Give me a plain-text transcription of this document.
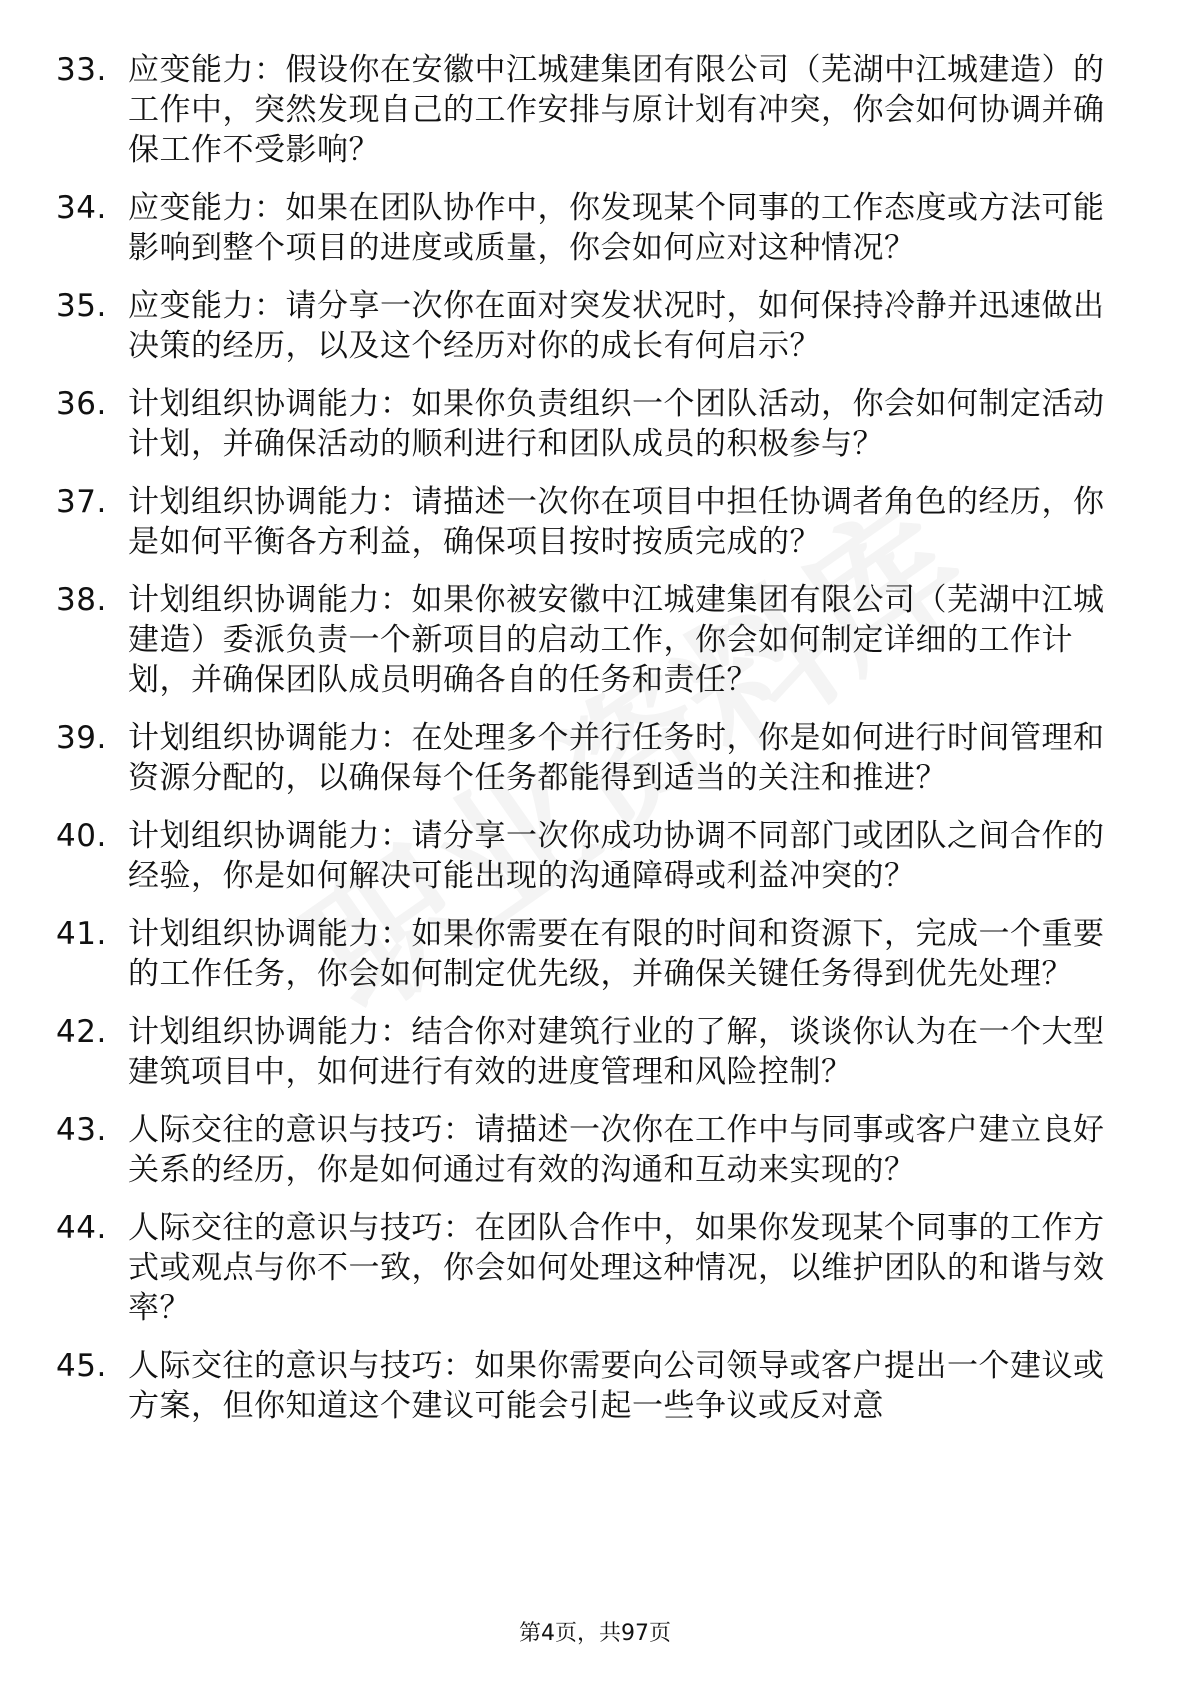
33. 应变能力：假设你在安徽中江城建集团有限公司（芜湖中江城建造）的工作中，突然发现自己的工作安排与原计划有冲突，你会如何协调并确保工作不受影响？
34. 应变能力：如果在团队协作中，你发现某个同事的工作态度或方法可能影响到整个项目的进度或质量，你会如何应对这种情况？
35. 应变能力：请分享一次你在面对突发状况时，如何保持冷静并迅速做出决策的经历，以及这个经历对你的成长有何启示？
36. 计划组织协调能力：如果你负责组织一个团队活动，你会如何制定活动计划，并确保活动的顺利进行和团队成员的积极参与？
37. 计划组织协调能力：请描述一次你在项目中担任协调者角色的经历，你是如何平衡各方利益，确保项目按时按质完成的？
38. 计划组织协调能力：如果你被安徽中江城建集团有限公司（芜湖中江城建造）委派负责一个新项目的启动工作，你会如何制定详细的工作计划，并确保团队成员明确各自的任务和责任？
39. 计划组织协调能力：在处理多个并行任务时，你是如何进行时间管理和资源分配的，以确保每个任务都能得到适当的关注和推进？
40. 计划组织协调能力：请分享一次你成功协调不同部门或团队之间合作的经验，你是如何解决可能出现的沟通障碍或利益冲突的？
41. 计划组织协调能力：如果你需要在有限的时间和资源下，完成一个重要的工作任务，你会如何制定优先级，并确保关键任务得到优先处理？
42. 计划组织协调能力：结合你对建筑行业的了解，谈谈你认为在一个大型建筑项目中，如何进行有效的进度管理和风险控制？
43. 人际交往的意识与技巧：请描述一次你在工作中与同事或客户建立良好关系的经历，你是如何通过有效的沟通和互动来实现的？
44. 人际交往的意识与技巧：在团队合作中，如果你发现某个同事的工作方式或观点与你不一致，你会如何处理这种情况，以维护团队的和谐与效率？
45. 人际交往的意识与技巧：如果你需要向公司领导或客户提出一个建议或方案，但你知道这个建议可能会引起一些争议或反对意
第4页，共97页
